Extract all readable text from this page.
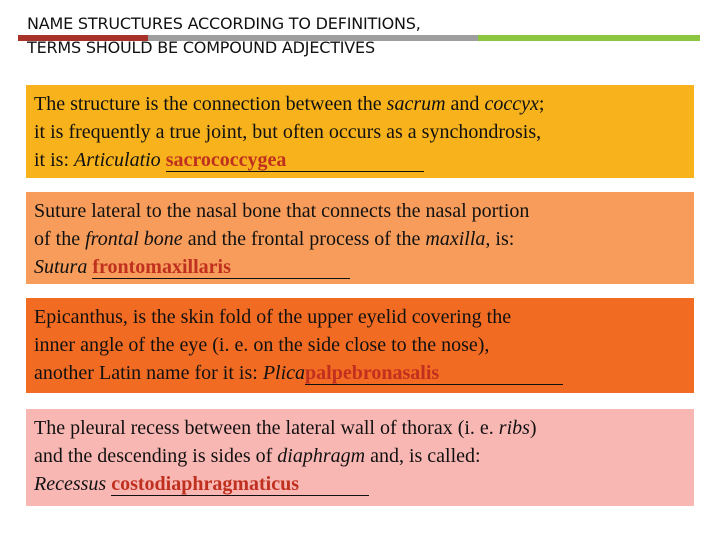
NAME STRUCTURES ACCORDING TO DEFINITIONS,
TERMS SHOULD BE COMPOUND ADJECTIVES

The structure is the connection between the sacrum and coccyx;

it is frequently a true joint, but often occurs as a synchondrosis,

it is: Articulatio sacrococcygea

Suture lateral to the nasal bone that connects the nasal portion

of the frontal bone and the frontal process of the maxilla, is:

Sutura frontomaxillaris

Epicanthus, is the skin fold of the upper eyelid covering the

inner angle of the eye (i. e. on the side close to the nose),

another Latin name for it is: Plicapalpebronasalis

The pleural recess between the lateral wall of thorax (i. e. ribs)

and the descending is sides of diaphragm and, is called:

Recessus costodiaphragmaticus
